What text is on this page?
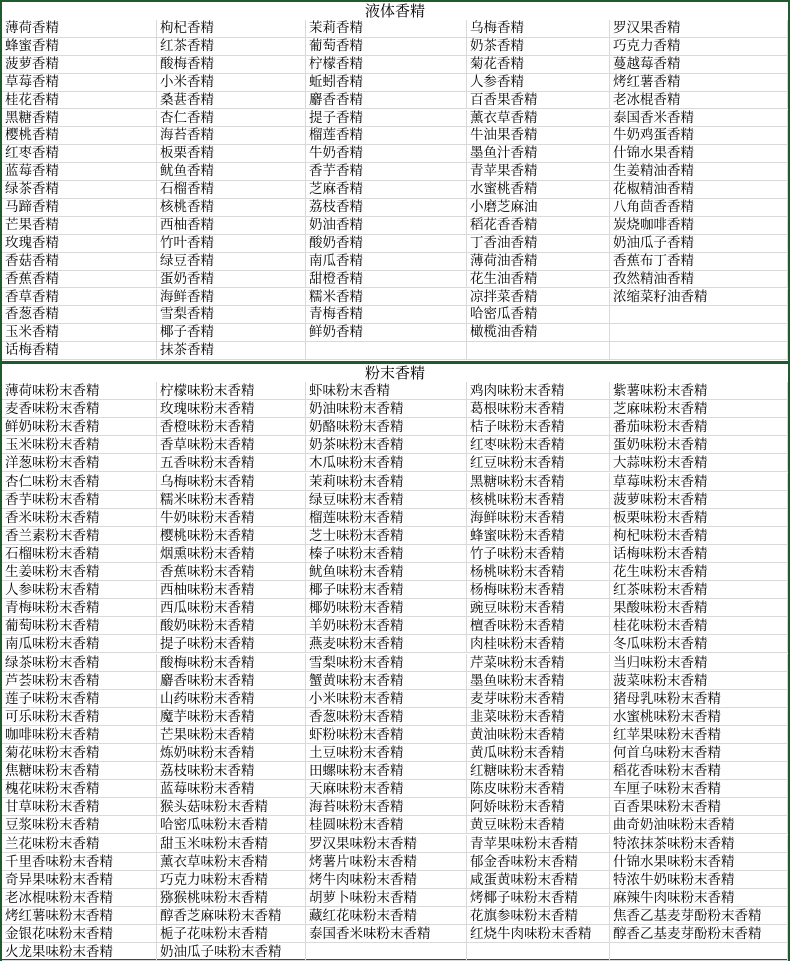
液体香精
薄荷香精	枸杞香精	茉莉香精	乌梅香精	罗汉果香精
蜂蜜香精	红茶香精	葡萄香精	奶茶香精	巧克力香精
菠萝香精	酸梅香精	柠檬香精	菊花香精	蔓越莓香精
草莓香精	小米香精	蚯蚓香精	人参香精	烤红薯香精
桂花香精	桑葚香精	麝香香精	百香果香精	老冰棍香精
黑糖香精	杏仁香精	提子香精	薰衣草香精	泰国香米香精
樱桃香精	海苔香精	榴莲香精	牛油果香精	牛奶鸡蛋香精
红枣香精	板栗香精	牛奶香精	墨鱼汁香精	什锦水果香精
蓝莓香精	鱿鱼香精	香芋香精	青苹果香精	生姜精油香精
绿茶香精	石榴香精	芝麻香精	水蜜桃香精	花椒精油香精
马蹄香精	核桃香精	荔枝香精	小磨芝麻油	八角茴香香精
芒果香精	西柚香精	奶油香精	稻花香香精	炭烧咖啡香精
玫瑰香精	竹叶香精	酸奶香精	丁香油香精	奶油瓜子香精
香菇香精	绿豆香精	南瓜香精	薄荷油香精	香蕉布丁香精
香蕉香精	蛋奶香精	甜橙香精	花生油香精	孜然精油香精
香草香精	海鲜香精	糯米香精	凉拌菜香精	浓缩菜籽油香精
香葱香精	雪梨香精	青梅香精	哈密瓜香精
玉米香精	椰子香精	鲜奶香精	橄榄油香精
话梅香精	抹茶香精
粉末香精
薄荷味粉末香精	柠檬味粉末香精	虾味粉末香精	鸡肉味粉末香精	紫薯味粉末香精
麦香味粉末香精	玫瑰味粉末香精	奶油味粉末香精	葛根味粉末香精	芝麻味粉末香精
鲜奶味粉末香精	香橙味粉末香精	奶酪味粉末香精	桔子味粉末香精	番茄味粉末香精
玉米味粉末香精	香草味粉末香精	奶茶味粉末香精	红枣味粉末香精	蛋奶味粉末香精
洋葱味粉末香精	五香味粉末香精	木瓜味粉末香精	红豆味粉末香精	大蒜味粉末香精
杏仁味粉末香精	乌梅味粉末香精	茉莉味粉末香精	黑糖味粉末香精	草莓味粉末香精
香芋味粉末香精	糯米味粉末香精	绿豆味粉末香精	核桃味粉末香精	菠萝味粉末香精
香米味粉末香精	牛奶味粉末香精	榴莲味粉末香精	海鲜味粉末香精	板栗味粉末香精
香兰素粉末香精	樱桃味粉末香精	芝士味粉末香精	蜂蜜味粉末香精	枸杞味粉末香精
石榴味粉末香精	烟熏味粉末香精	榛子味粉末香精	竹子味粉末香精	话梅味粉末香精
生姜味粉末香精	香蕉味粉末香精	鱿鱼味粉末香精	杨桃味粉末香精	花生味粉末香精
人参味粉末香精	西柚味粉末香精	椰子味粉末香精	杨梅味粉末香精	红茶味粉末香精
青梅味粉末香精	西瓜味粉末香精	椰奶味粉末香精	豌豆味粉末香精	果酸味粉末香精
葡萄味粉末香精	酸奶味粉末香精	羊奶味粉末香精	檀香味粉末香精	桂花味粉末香精
南瓜味粉末香精	提子味粉末香精	燕麦味粉末香精	肉桂味粉末香精	冬瓜味粉末香精
绿茶味粉末香精	酸梅味粉末香精	雪梨味粉末香精	芹菜味粉末香精	当归味粉末香精
芦荟味粉末香精	麝香味粉末香精	蟹黄味粉末香精	墨鱼味粉末香精	菠菜味粉末香精
莲子味粉末香精	山药味粉末香精	小米味粉末香精	麦芽味粉末香精	猪母乳味粉末香精
可乐味粉末香精	魔芋味粉末香精	香葱味粉末香精	韭菜味粉末香精	水蜜桃味粉末香精
咖啡味粉末香精	芒果味粉末香精	虾粉味粉末香精	黄油味粉末香精	红苹果味粉末香精
菊花味粉末香精	炼奶味粉末香精	土豆味粉末香精	黄瓜味粉末香精	何首乌味粉末香精
焦糖味粉末香精	荔枝味粉末香精	田螺味粉末香精	红糖味粉末香精	稻花香味粉末香精
槐花味粉末香精	蓝莓味粉末香精	天麻味粉末香精	陈皮味粉末香精	车厘子味粉末香精
甘草味粉末香精	猴头菇味粉末香精	海苔味粉末香精	阿娇味粉末香精	百香果味粉末香精
豆浆味粉末香精	哈密瓜味粉末香精	桂圆味粉末香精	黄豆味粉末香精	曲奇奶油味粉末香精
兰花味粉末香精	甜玉米味粉末香精	罗汉果味粉末香精	青苹果味粉末香精	特浓抹茶味粉末香精
千里香味粉末香精	薰衣草味粉末香精	烤薯片味粉末香精	郁金香味粉末香精	什锦水果味粉末香精
奇异果味粉末香精	巧克力味粉末香精	烤牛肉味粉末香精	咸蛋黄味粉末香精	特浓牛奶味粉末香精
老冰棍味粉末香精	猕猴桃味粉末香精	胡萝卜味粉末香精	烤椰子味粉末香精	麻辣牛肉味粉末香精
烤红薯味粉末香精	醇香芝麻味粉末香精	藏红花味粉末香精	花旗参味粉末香精	焦香乙基麦芽酚粉末香精
金银花味粉末香精	栀子花味粉末香精	泰国香米味粉末香精	红烧牛肉味粉末香精	醇香乙基麦芽酚粉末香精
火龙果味粉末香精	奶油瓜子味粉末香精
